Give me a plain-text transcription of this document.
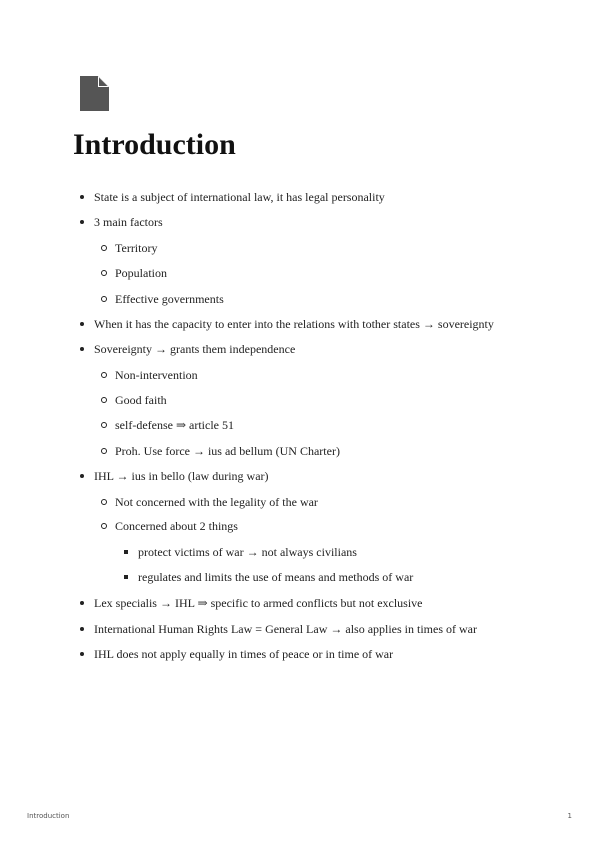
Introduction
State is a subject of international law, it has legal personality
3 main factors
Territory
Population
Effective governments
When it has the capacity to enter into the relations with tother states → sovereignty
Sovereignty → grants them independence
Non-intervention
Good faith
self-defense ⇒ article 51
Proh. Use force → ius ad bellum (UN Charter)
IHL → ius in bello (law during war)
Not concerned with the legality of the war
Concerned about 2 things
protect victims of war → not always civilians
regulates and limits the use of means and methods of war
Lex specialis → IHL ⇒ specific to armed conflicts but not exclusive
International Human Rights Law = General Law → also applies in times of war
IHL does not apply equally in times of peace or in time of war
Introduction	1
